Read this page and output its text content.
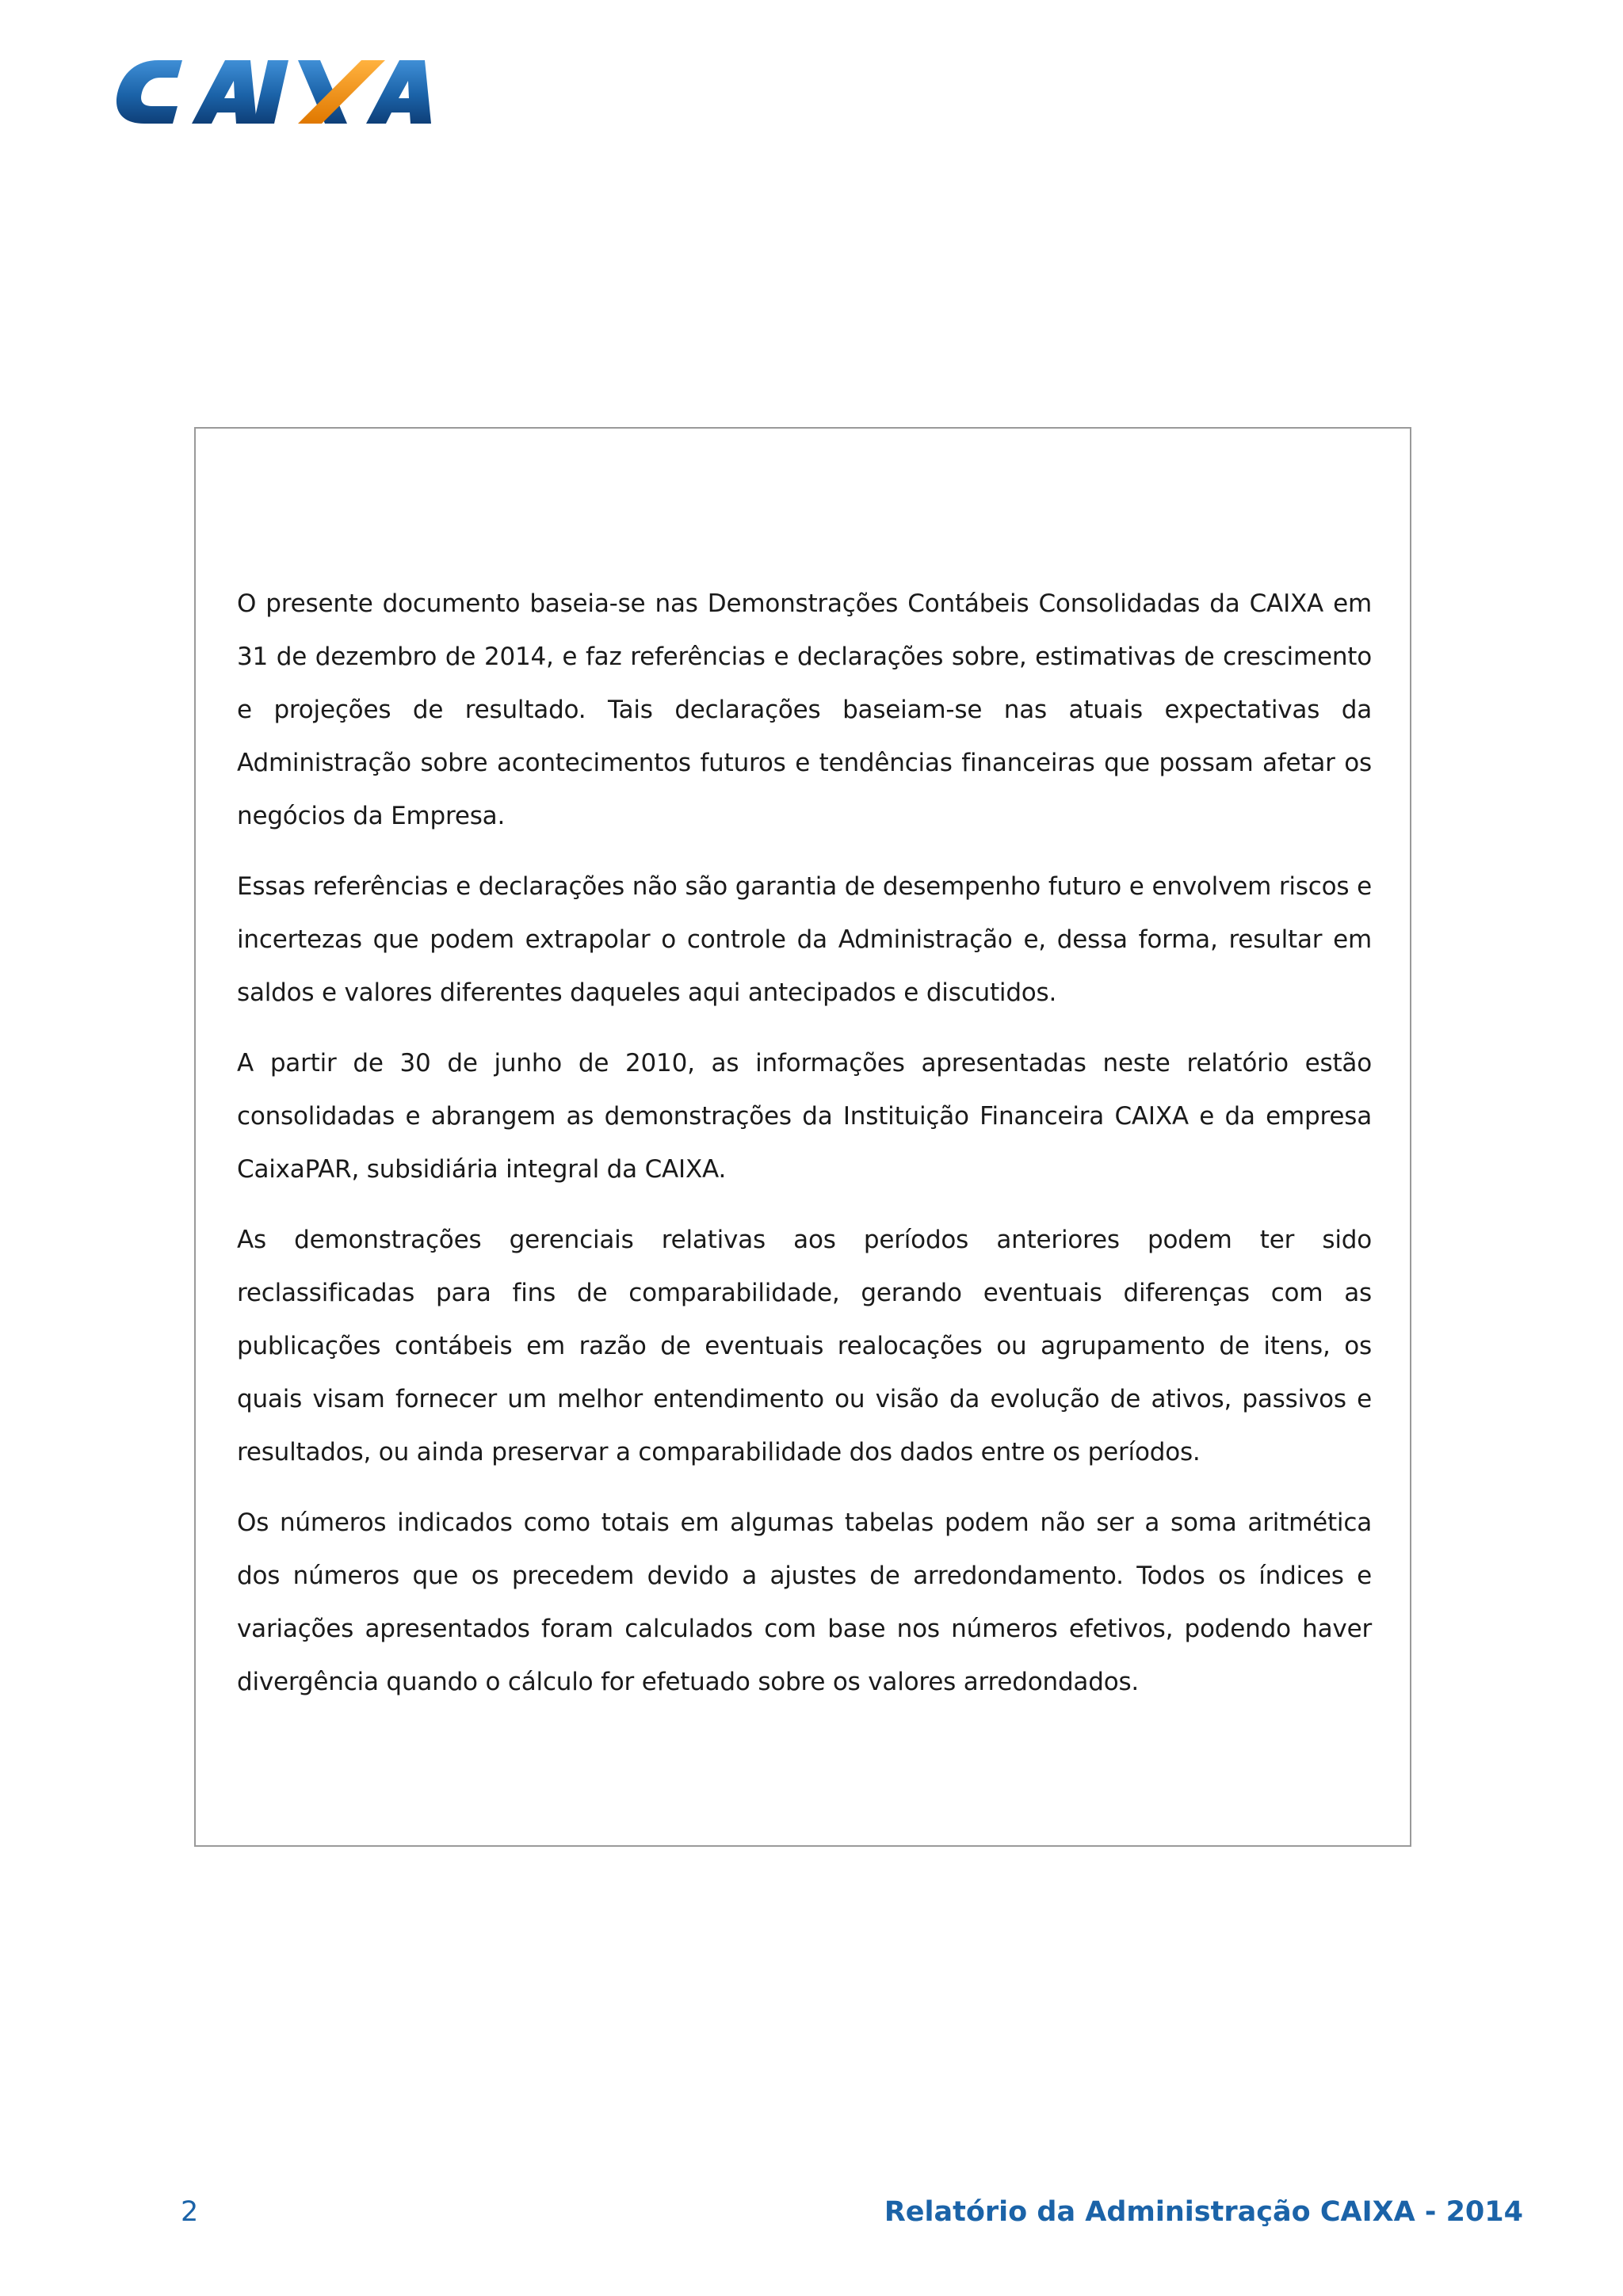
O presente documento baseia-se nas Demonstrações Contábeis Consolidadas da CAIXA em 31 de dezembro de 2014, e faz referências e declarações sobre, estimativas de crescimento e projeções de resultado. Tais declarações baseiam-se nas atuais expectativas da Administração sobre acontecimentos futuros e tendências financeiras que possam afetar os negócios da Empresa.

Essas referências e declarações não são garantia de desempenho futuro e envolvem riscos e incertezas que podem extrapolar o controle da Administração e, dessa forma, resultar em saldos e valores diferentes daqueles aqui antecipados e discutidos.

A partir de 30 de junho de 2010, as informações apresentadas neste relatório estão consolidadas e abrangem as demonstrações da Instituição Financeira CAIXA e da empresa CaixaPAR, subsidiária integral da CAIXA.

As demonstrações gerenciais relativas aos períodos anteriores podem ter sido reclassificadas para fins de comparabilidade, gerando eventuais diferenças com as publicações contábeis em razão de eventuais realocações ou agrupamento de itens, os quais visam fornecer um melhor entendimento ou visão da evolução de ativos, passivos e resultados, ou ainda preservar a comparabilidade dos dados entre os períodos.

Os números indicados como totais em algumas tabelas podem não ser a soma aritmética dos números que os precedem devido a ajustes de arredondamento. Todos os índices e variações apresentados foram calculados com base nos números efetivos, podendo haver divergência quando o cálculo for efetuado sobre os valores arredondados.

2	Relatório da Administração CAIXA - 2014
